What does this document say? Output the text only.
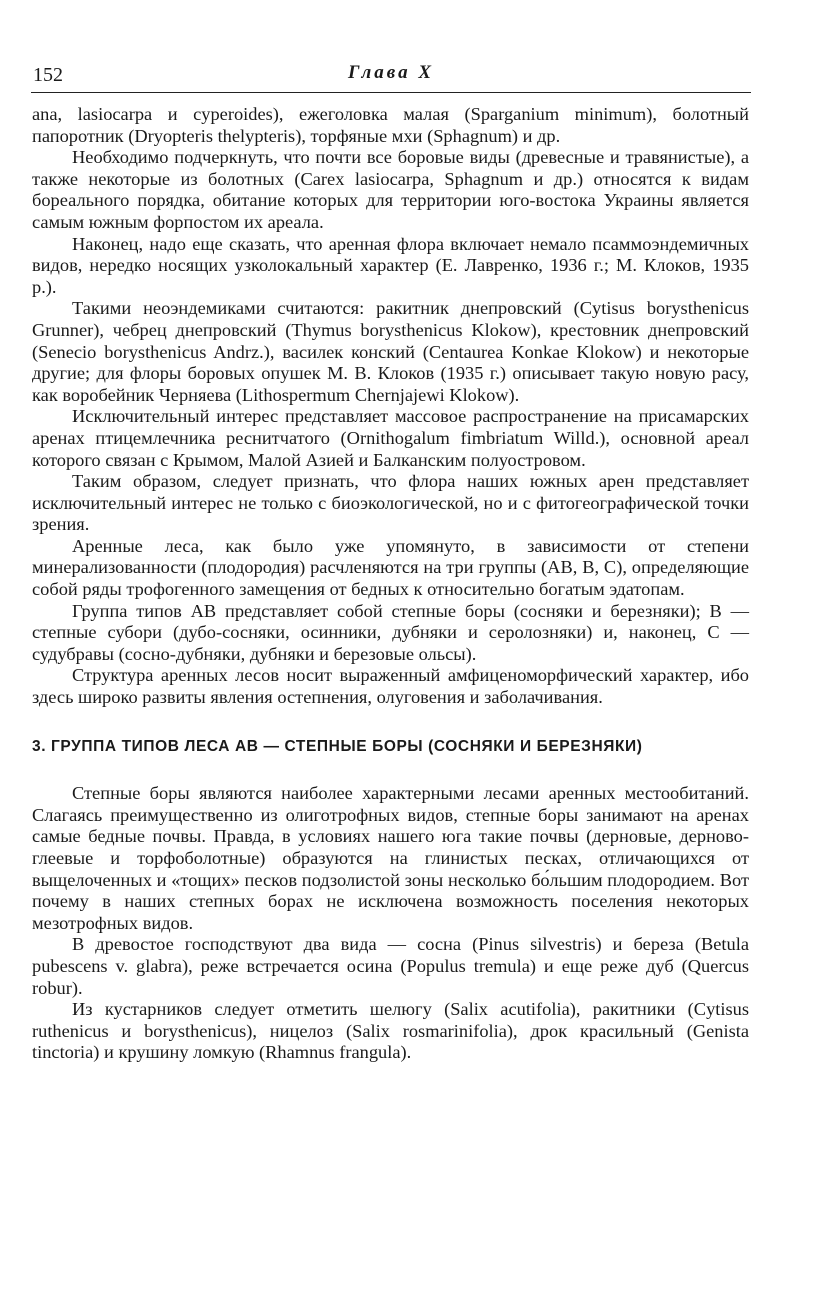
152	Глава X

ana, lasiocarpa и cyperoides), ежеголовка малая (Sparganium minimum), болотный папоротник (Dryopteris thelypteris), торфяные мхи (Sphagnum) и др.

Необходимо подчеркнуть, что почти все боровые виды (древесные и травянистые), а также некоторые из болотных (Carex lasiocarpa, Sphagnum и др.) относятся к видам бореального порядка, обитание которых для территории юго-востока Украины является самым южным форпостом их ареала.

Наконец, надо еще сказать, что аренная флора включает немало псаммоэндемичных видов, нередко носящих узколокальный характер (Е. Лавренко, 1936 г.; М. Клоков, 1935 р.).

Такими неоэндемиками считаются: ракитник днепровский (Cytisus borysthenicus Grunner), чебрец днепровский (Thymus borysthenicus Klokow), крестовник днепровский (Senecio borysthenicus Andrz.), василек конский (Centaurea Konkae Klokow) и некоторые другие; для флоры боровых опушек М. В. Клоков (1935 г.) описывает такую новую расу, как воробейник Черняева (Lithospermum Chernjajewi Klokow).

Исключительный интерес представляет массовое распространение на присамарских аренах птицемлечника реснитчатого (Ornithogalum fimbriatum Willd.), основной ареал которого связан с Крымом, Малой Азией и Балканским полуостровом.

Таким образом, следует признать, что флора наших южных арен представляет исключительный интерес не только с биоэкологической, но и с фитогеографической точки зрения.

Аренные леса, как было уже упомянуто, в зависимости от степени минерализованности (плодородия) расчленяются на три группы (АВ, В, С), определяющие собой ряды трофогенного замещения от бедных к относительно богатым эдатопам.

Группа типов АВ представляет собой степные боры (сосняки и березняки); В — степные субори (дубо-сосняки, осинники, дубняки и серолозняки) и, наконец, С — судубравы (сосно-дубняки, дубняки и березовые ольсы).

Структура аренных лесов носит выраженный амфиценоморфический характер, ибо здесь широко развиты явления остепнения, олуговения и заболачивания.

3. ГРУППА ТИПОВ ЛЕСА АВ — СТЕПНЫЕ БОРЫ (СОСНЯКИ И БЕРЕЗНЯКИ)

Степные боры являются наиболее характерными лесами аренных местообитаний. Слагаясь преимущественно из олиготрофных видов, степные боры занимают на аренах самые бедные почвы. Правда, в условиях нашего юга такие почвы (дерновые, дерново-глеевые и торфоболотные) образуются на глинистых песках, отличающихся от выщелоченных и «тощих» песков подзолистой зоны несколько бо́льшим плодородием. Вот почему в наших степных борах не исключена возможность поселения некоторых мезотрофных видов.

В древостое господствуют два вида — сосна (Pinus silvestris) и береза (Betula pubescens v. glabra), реже встречается осина (Populus tremula) и еще реже дуб (Quercus robur).

Из кустарников следует отметить шелюгу (Salix acutifolia), ракитники (Cytisus ruthenicus и borysthenicus), ницелоз (Salix rosmarinifolia), дрок красильный (Genista tinctoria) и крушину ломкую (Rhamnus frangula).
